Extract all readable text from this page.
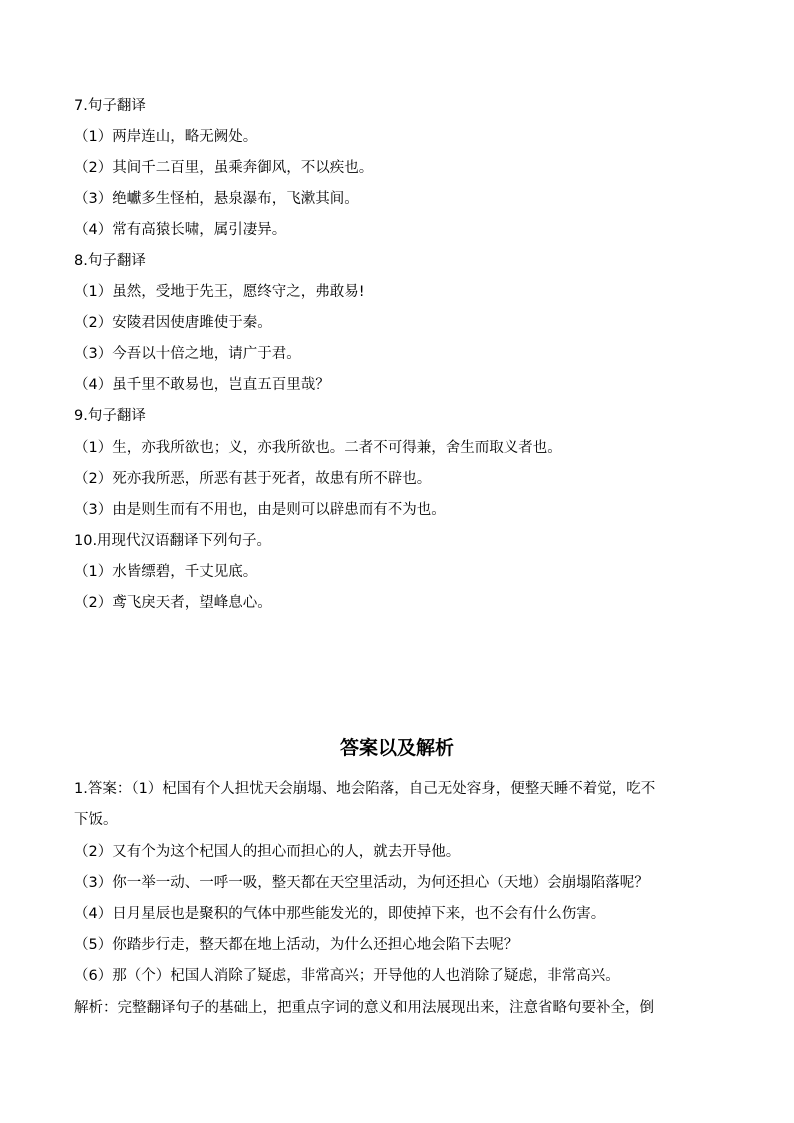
7.句子翻译
（1）两岸连山，略无阙处。
（2）其间千二百里，虽乘奔御风，不以疾也。
（3）绝巘多生怪柏，悬泉瀑布，飞漱其间。
（4）常有高猿长啸，属引凄异。
8.句子翻译
（1）虽然，受地于先王，愿终守之，弗敢易!
（2）安陵君因使唐雎使于秦。
（3）今吾以十倍之地，请广于君。
（4）虽千里不敢易也，岂直五百里哉？
9.句子翻译
（1）生，亦我所欲也；义，亦我所欲也。二者不可得兼，舍生而取义者也。
（2）死亦我所恶，所恶有甚于死者，故患有所不辟也。
（3）由是则生而有不用也，由是则可以辟患而有不为也。
10.用现代汉语翻译下列句子。
（1）水皆缥碧，千丈见底。
（2）鸢飞戾天者，望峰息心。
答案以及解析
1.答案：（1）杞国有个人担忧天会崩塌、地会陷落，自己无处容身，便整天睡不着觉，吃不
下饭。
（2）又有个为这个杞国人的担心而担心的人，就去开导他。
（3）你一举一动、一呼一吸，整天都在天空里活动，为何还担心（天地）会崩塌陷落呢？
（4）日月星辰也是聚积的气体中那些能发光的，即使掉下来，也不会有什么伤害。
（5）你踏步行走，整天都在地上活动，为什么还担心地会陷下去呢？
（6）那（个）杞国人消除了疑虑，非常高兴；开导他的人也消除了疑虑，非常高兴。
解析：完整翻译句子的基础上，把重点字词的意义和用法展现出来，注意省略句要补全，倒
